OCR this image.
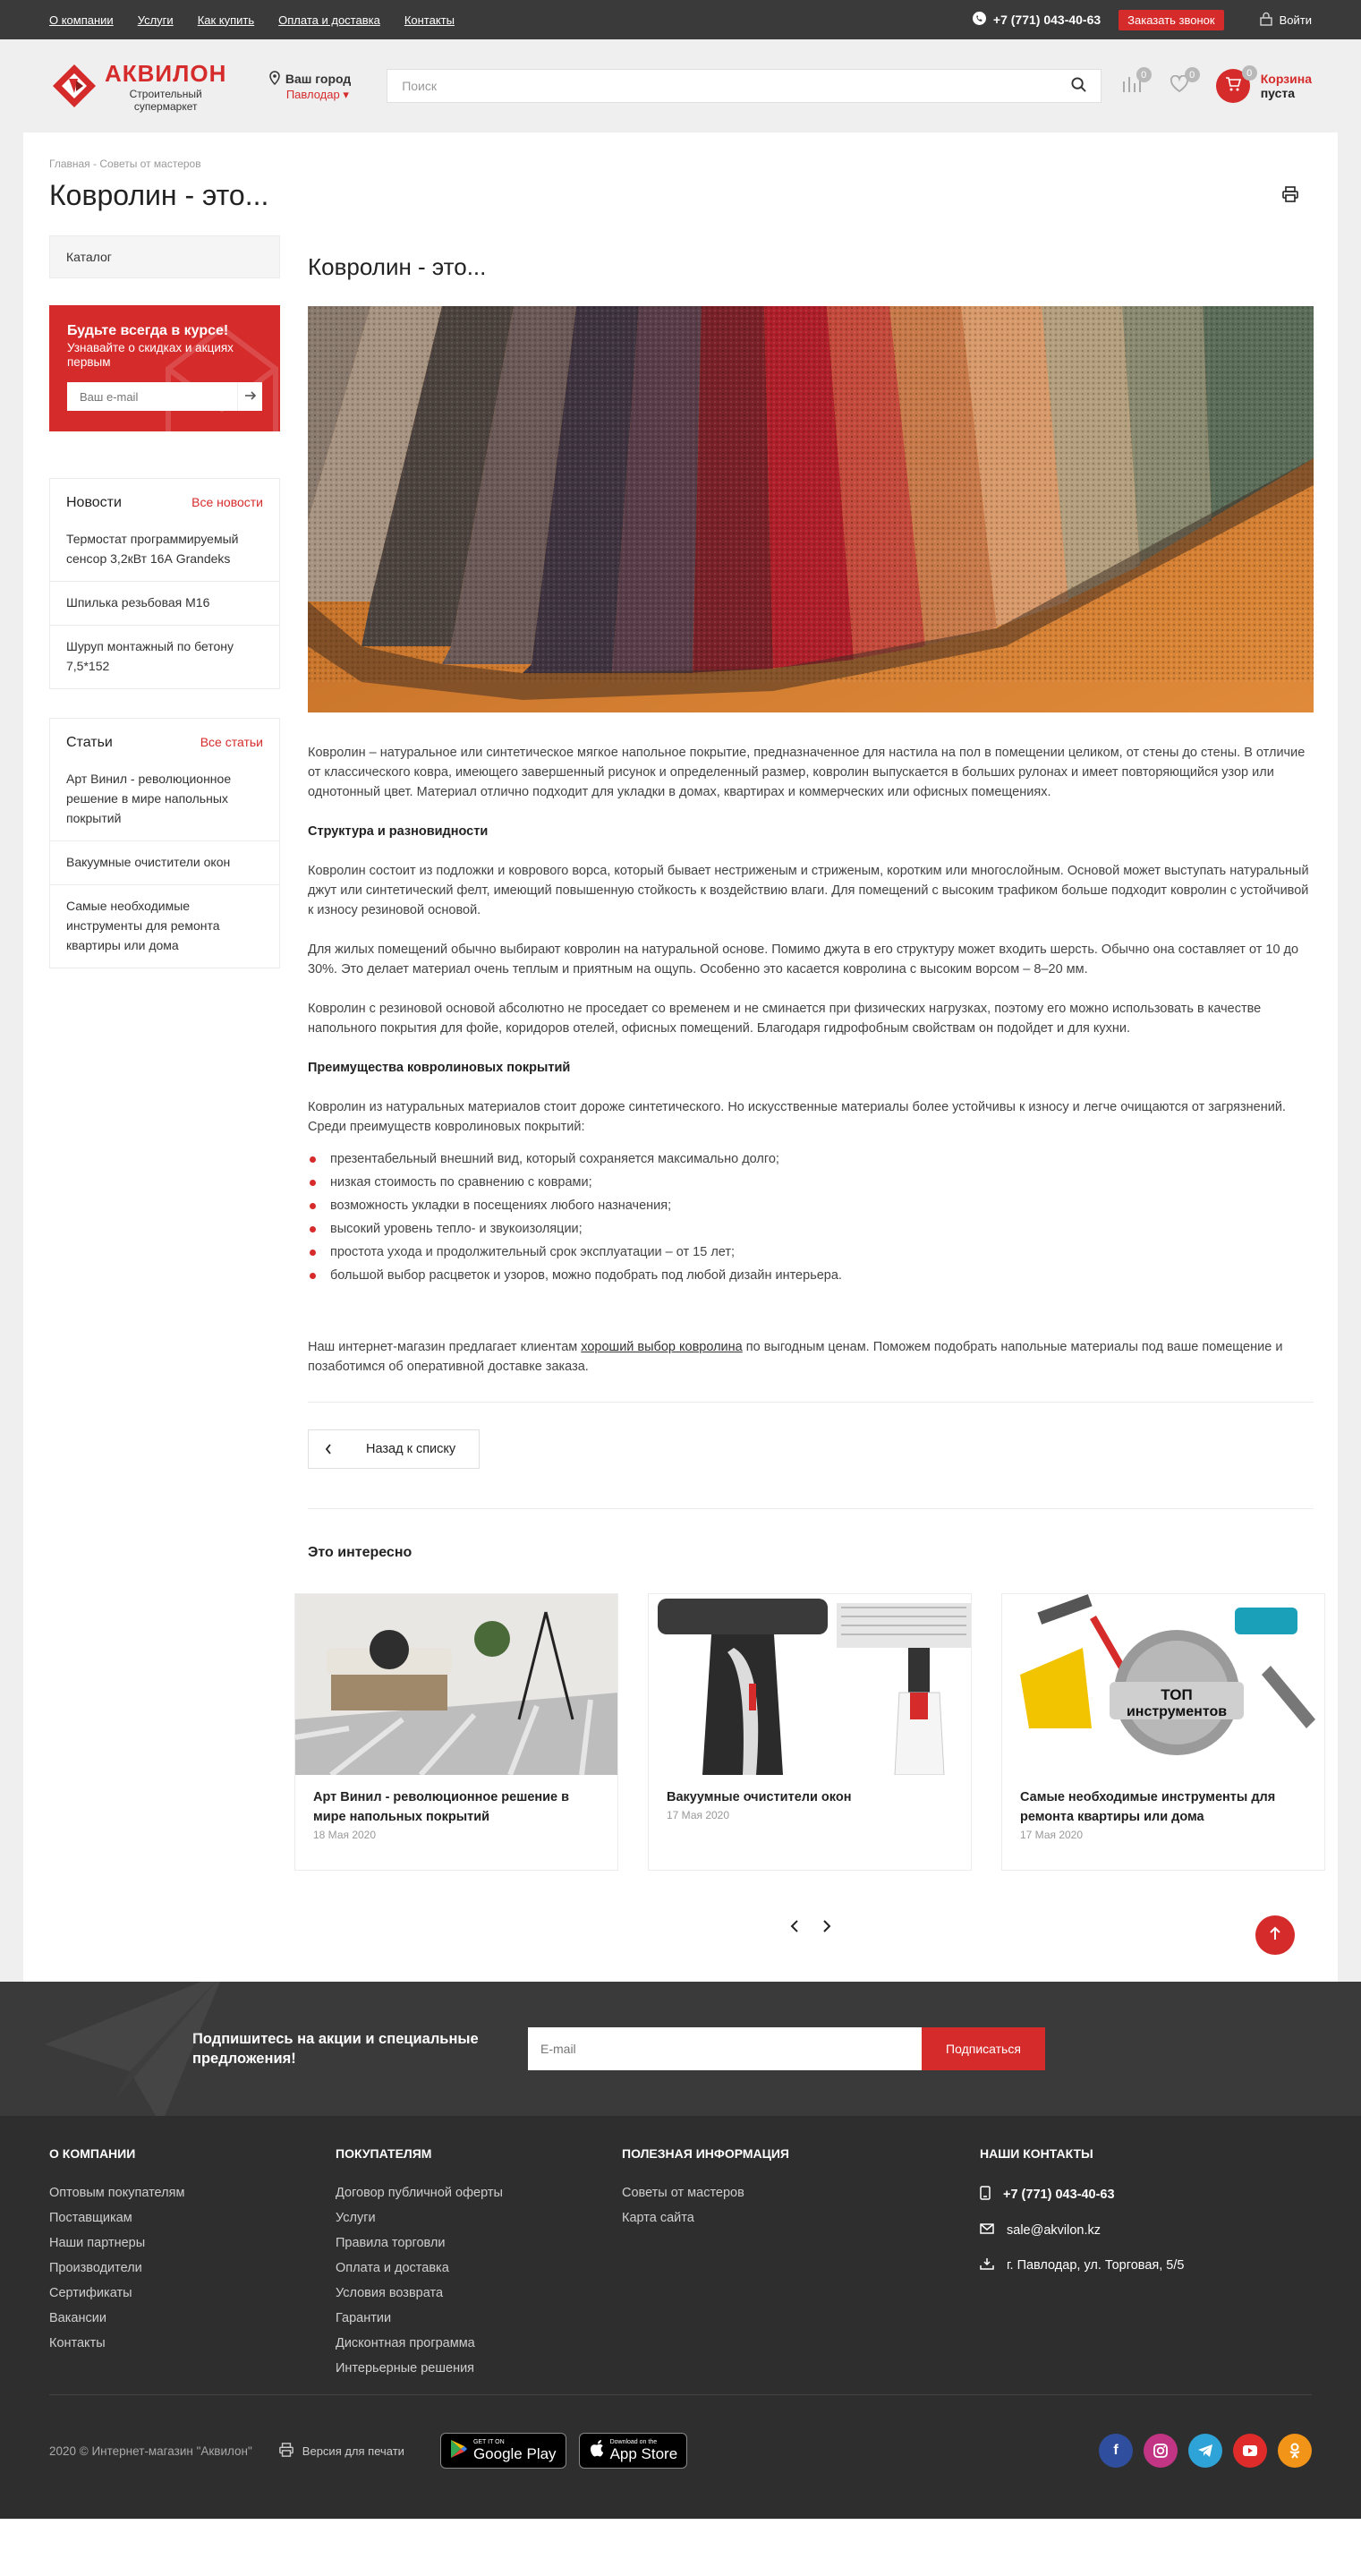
О компании Услуги Как купить Оплата и доставка Контакты	+7 (771) 043-40-63	Заказать звонок	Войти
АКВИЛОН
Строительный
супермаркет
Ваш город
Павлодар ▾
Поиск
0	0	0 Корзина
пуста
Главная - Советы от мастеров
Ковролин - это...
Каталог
Будьте всегда в курсе!
Узнавайте о скидках и акциях первым
Ваш e-mail
Новости	Все новости
Термостат программируемый сенсор 3,2кВт 16А Grandeks
Шпилька резьбовая М16
Шуруп монтажный по бетону 7,5*152
Статьи	Все статьи
Арт Винил - революционное решение в мире напольных покрытий
Вакуумные очистители окон
Самые необходимые инструменты для ремонта квартиры или дома
Ковролин - это...

Ковролин – натуральное или синтетическое мягкое напольное покрытие, предназначенное для настила на пол в помещении целиком, от стены до стены. В отличие от классического ковра, имеющего завершенный рисунок и определенный размер, ковролин выпускается в больших рулонах и имеет повторяющийся узор или однотонный цвет. Материал отлично подходит для укладки в домах, квартирах и коммерческих или офисных помещениях.

Структура и разновидности

Ковролин состоит из подложки и коврового ворса, который бывает нестриженым и стриженым, коротким или многослойным. Основой может выступать натуральный джут или синтетический фелт, имеющий повышенную стойкость к воздействию влаги. Для помещений с высоким трафиком больше подходит ковролин с устойчивой к износу резиновой основой.

Для жилых помещений обычно выбирают ковролин на натуральной основе. Помимо джута в его структуру может входить шерсть. Обычно она составляет от 10 до 30%. Это делает материал очень теплым и приятным на ощупь. Особенно это касается ковролина с высоким ворсом – 8–20 мм.

Ковролин с резиновой основой абсолютно не проседает со временем и не сминается при физических нагрузках, поэтому его можно использовать в качестве напольного покрытия для фойе, коридоров отелей, офисных помещений. Благодаря гидрофобным свойствам он подойдет и для кухни.

Преимущества ковролиновых покрытий

Ковролин из натуральных материалов стоит дороже синтетического. Но искусственные материалы более устойчивы к износу и легче очищаются от загрязнений. Среди преимуществ ковролиновых покрытий:

презентабельный внешний вид, который сохраняется максимально долго;
низкая стоимость по сравнению с коврами;
возможность укладки в посещениях любого назначения;
высокий уровень тепло- и звукоизоляции;
простота ухода и продолжительный срок эксплуатации – от 15 лет;
большой выбор расцветок и узоров, можно подобрать под любой дизайн интерьера.

Наш интернет-магазин предлагает клиентам хороший выбор ковролина по выгодным ценам. Поможем подобрать напольные материалы под ваше помещение и позаботимся об оперативной доставке заказа.

Назад к списку
Это интересно
Арт Винил - революционное решение в мире напольных покрытий
18 Мая 2020
Вакуумные очистители окон
17 Мая 2020
ТОП
инструментов
Самые необходимые инструменты для ремонта квартиры или дома
17 Мая 2020
Подпишитесь на акции и специальные предложения!
E-mail
Подписаться
О КОМПАНИИ
Оптовым покупателям
Поставщикам
Наши партнеры
Производители
Сертификаты
Вакансии
Контакты
ПОКУПАТЕЛЯМ
Договор публичной оферты
Услуги
Правила торговли
Оплата и доставка
Условия возврата
Гарантии
Дисконтная программа
Интерьерные решения
ПОЛЕЗНАЯ ИНФОРМАЦИЯ
Советы от мастеров
Карта сайта
НАШИ КОНТАКТЫ
+7 (771) 043-40-63
sale@akvilon.kz
г. Павлодар, ул. Торговая, 5/5
2020 © Интернет-магазин "Аквилон"	Версия для печати
GET IT ON
Google Play
Download on the
App Store	f
